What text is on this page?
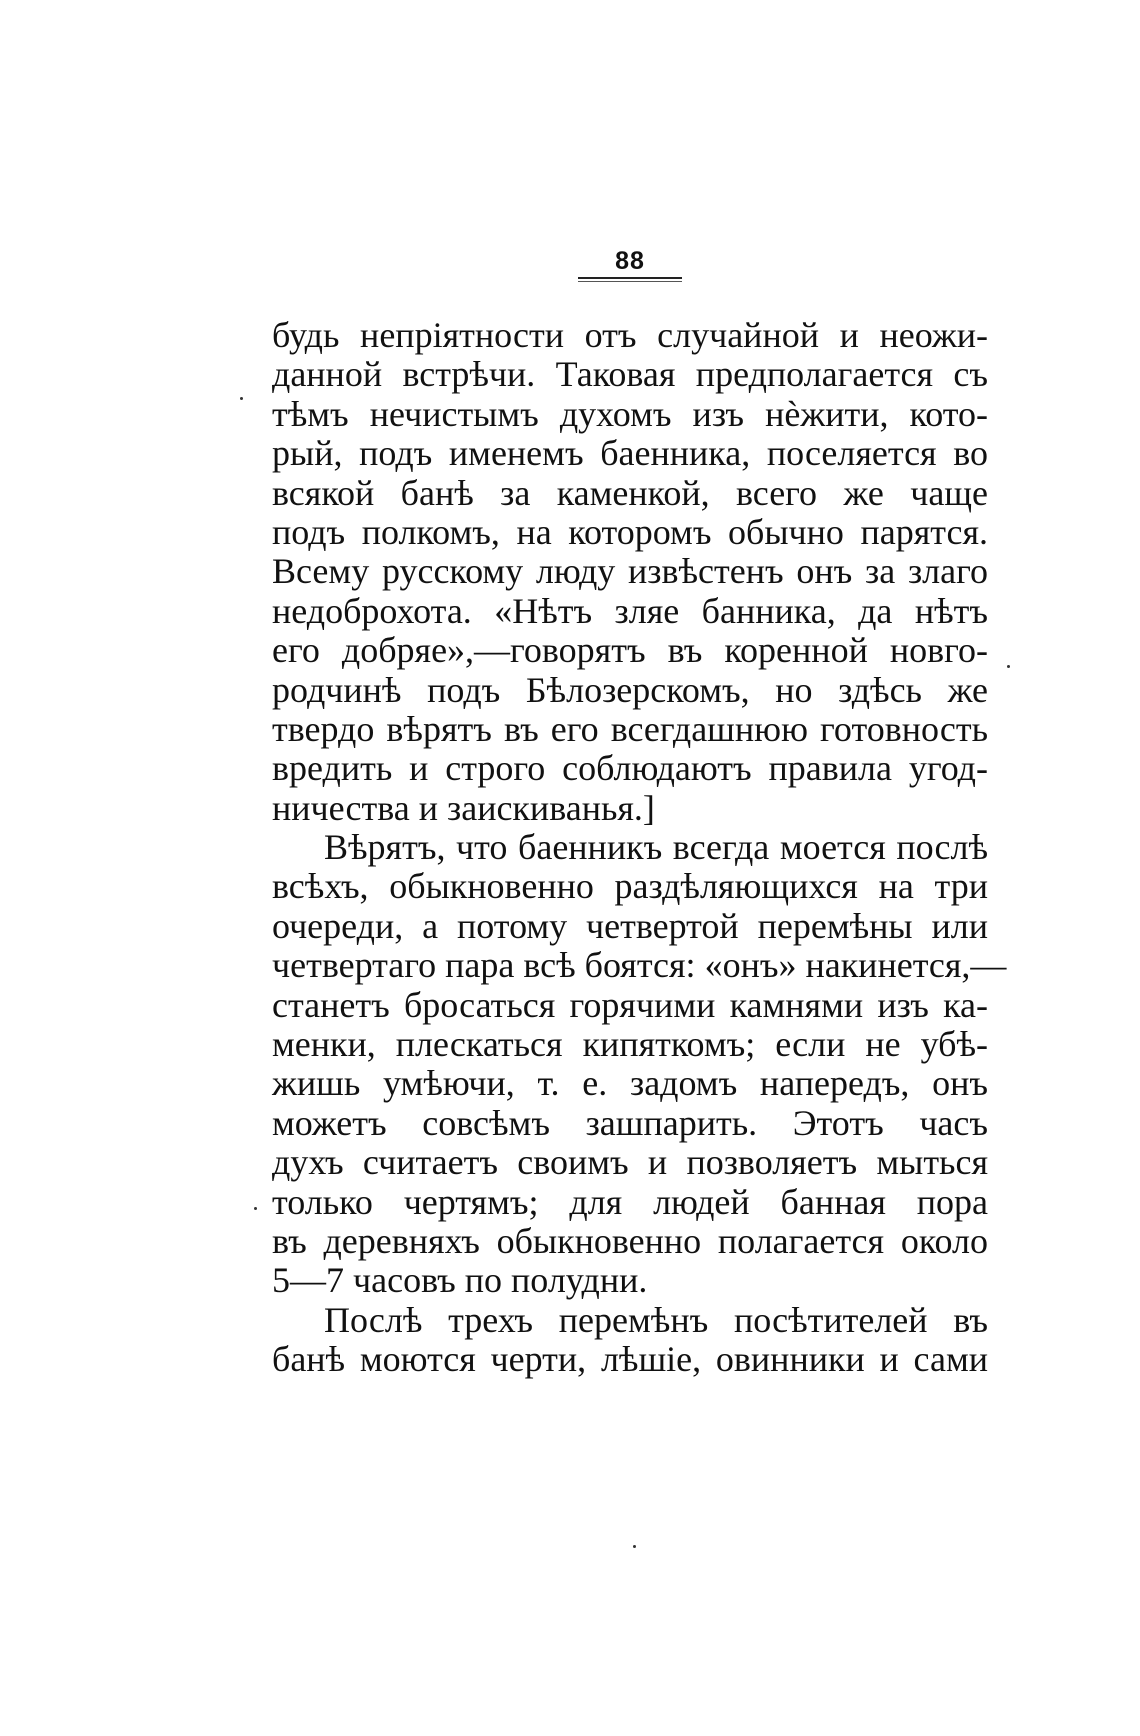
88
будь непріятности отъ случайной и неожи-
данной встрѣчи. Таковая предполагается съ
тѣмъ нечистымъ духомъ изъ нѐжити, кото-
рый, подъ именемъ баенника, поселяется во
всякой банѣ за каменкой, всего же чаще
подъ полкомъ, на которомъ обычно парятся.
Всему русскому люду извѣстенъ онъ за злаго
недоброхота. «Нѣтъ зляе банника, да нѣтъ
его добряе»,—говорятъ въ коренной новго-
родчинѣ подъ Бѣлозерскомъ, но здѣсь же
твердо вѣрятъ въ его всегдашнюю готовность
вредить и строго соблюдаютъ правила угод-
ничества и заискиванья.]
Вѣрятъ, что баенникъ всегда моется послѣ
всѣхъ, обыкновенно раздѣляющихся на три
очереди, а потому четвертой перемѣны или
четвертаго пара всѣ боятся: «онъ» накинется,—
станетъ бросаться горячими камнями изъ ка-
менки, плескаться кипяткомъ; если не убѣ-
жишь умѣючи, т. е. задомъ напередъ, онъ
можетъ совсѣмъ зашпарить. Этотъ часъ
духъ считаетъ своимъ и позволяетъ мыться
только чертямъ; для людей банная пора
въ деревняхъ обыкновенно полагается около
5—7 часовъ по полудни.
Послѣ трехъ перемѣнъ посѣтителей въ
банѣ моются черти, лѣшіе, овинники и сами
